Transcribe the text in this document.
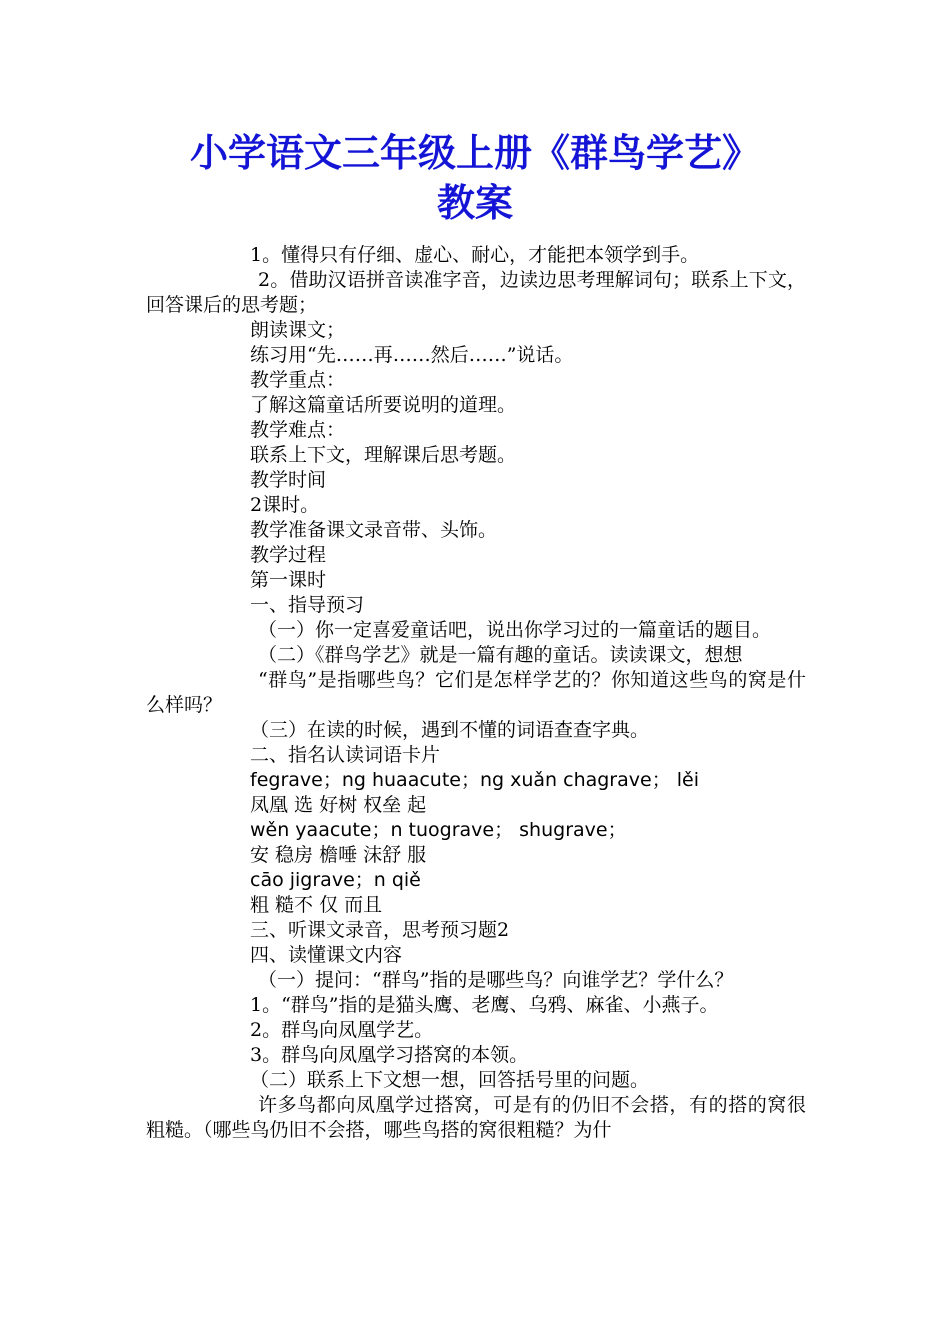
小学语文三年级上册《群鸟学艺》
教案

1。懂得只有仔细、虚心、耐心，才能把本领学到手。

2。借助汉语拼音读准字音，边读边思考理解词句；联系上下文，回答课后的思考题；

朗读课文；

练习用“先……再……然后……”说话。

教学重点：

了解这篇童话所要说明的道理。

教学难点：

联系上下文，理解课后思考题。

教学时间

2课时。

教学准备课文录音带、头饰。

教学过程

第一课时

一、指导预习

（一）你一定喜爱童话吧，说出你学习过的一篇童话的题目。

（二）《群鸟学艺》就是一篇有趣的童话。读读课文，想想

“群鸟”是指哪些鸟？它们是怎样学艺的？你知道这些鸟的窝是什么样吗？

（三）在读的时候，遇到不懂的词语查查字典。

二、指名认读词语卡片

fegrave；ng huaacute；ng xuǎn chagrave； lěi

凤凰 选 好树 权垒 起

wěn yaacute；n tuograve； shugrave；

安 稳房 檐唾 沫舒 服

cāo jigrave；n qiě

粗 糙不 仅 而且

三、听课文录音，思考预习题2

四、读懂课文内容

（一）提问：“群鸟”指的是哪些鸟？向谁学艺？学什么？

1。“群鸟”指的是猫头鹰、老鹰、乌鸦、麻雀、小燕子。

2。群鸟向凤凰学艺。

3。群鸟向凤凰学习搭窝的本领。

（二）联系上下文想一想，回答括号里的问题。

许多鸟都向凤凰学过搭窝，可是有的仍旧不会搭，有的搭的窝很粗糙。（哪些鸟仍旧不会搭，哪些鸟搭的窝很粗糙？为什
